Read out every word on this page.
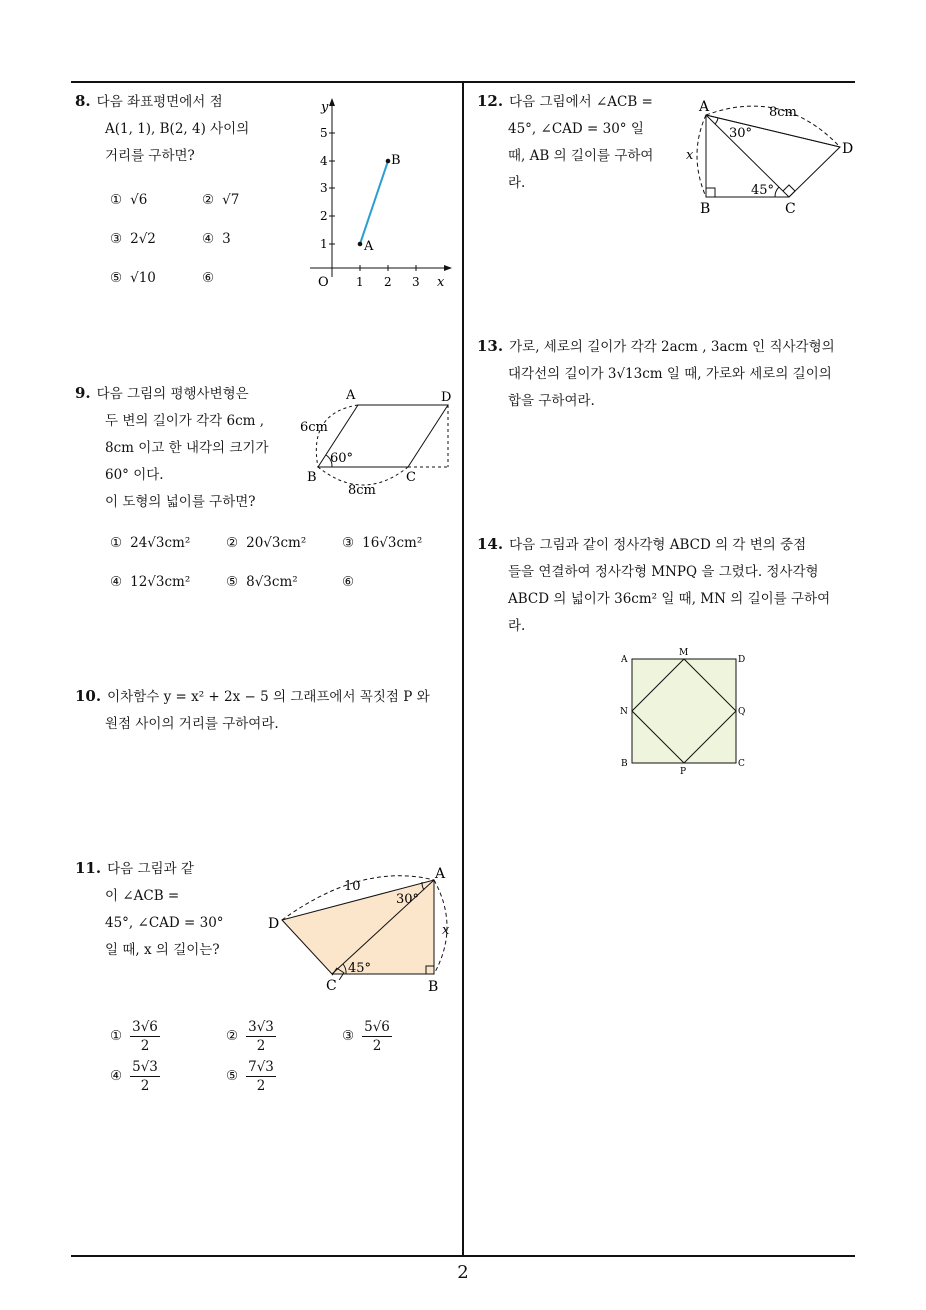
8. 다음 좌표평면에서 점
A(1, 1), B(2, 4) 사이의
거리를 구하면?
① √6	② √7
③ 2√2	④ 3
⑤ √10	⑥
y
x
O
1
2
3
4
5
1 2 3
A
B
9. 다음 그림의 평행사변형은
두 변의 길이가 각각 6cm ,
8cm 이고 한 내각의 크기가
60° 이다.
이 도형의 넓이를 구하면?
A	D
B	C
6cm
8cm
60°
① 24√3cm²	② 20√3cm²	③ 16√3cm²
④ 12√3cm²	⑤ 8√3cm²	⑥
10. 이차함수 y = x² + 2x − 5 의 그래프에서 꼭짓점 P 와
원점 사이의 거리를 구하여라.
11. 다음 그림과 같
이 ∠ACB =
45°, ∠CAD = 30°
일 때, x 의 길이는?
A
B
C
D
10
30°
45°
x
① $\frac{3√6}{2}$	② $\frac{3√3}{2}$	③ $\frac{5√6}{2}$
④ $\frac{5√3}{2}$	⑤ $\frac{7√3}{2}$
12. 다음 그림에서 ∠ACB =
45°, ∠CAD = 30° 일
때, AB 의 길이를 구하여
라.
A
B	C
D
8cm
30°
45°
x
13. 가로, 세로의 길이가 각각 2acm , 3acm 인 직사각형의
대각선의 길이가 3√13cm 일 때, 가로와 세로의 길이의
합을 구하여라.
14. 다음 그림과 같이 정사각형 ABCD 의 각 변의 중점
들을 연결하여 정사각형 MNPQ 을 그렸다. 정사각형
ABCD 의 넓이가 36cm² 일 때, MN 의 길이를 구하여
라.
A	D
B	C
M
N
P
Q
2
